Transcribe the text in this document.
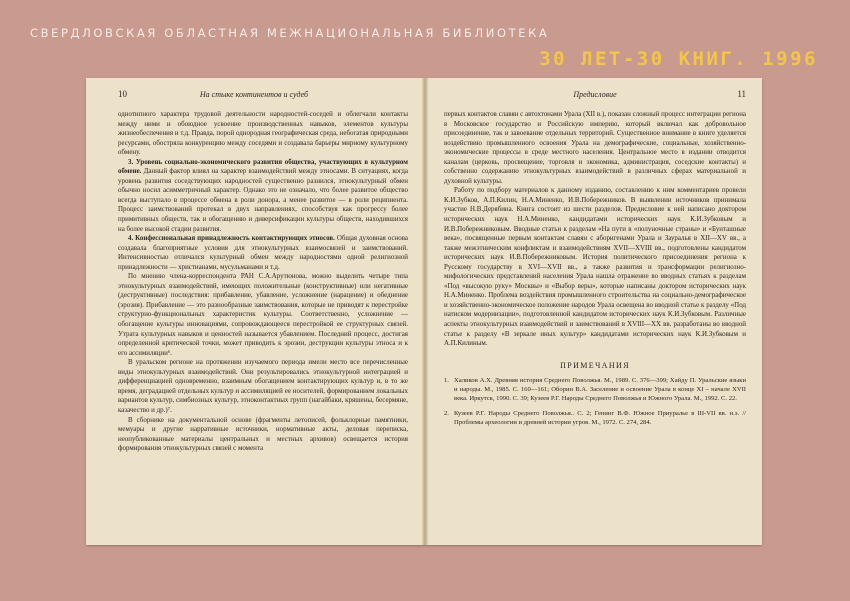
СВЕРДЛОВСКАЯ ОБЛАСТНАЯ МЕЖНАЦИОНАЛЬНАЯ БИБЛИОТЕКА
30 ЛЕТ-30 КНИГ. 1996
На стыке континентов и судеб
10

однотипного характера трудовой деятельности народностей-соседей и облегчали контакты между ними и обоюдное усвоение производственных навыков, элементов культуры жизнеобеспечения и т.д. Правда, порой однородная географическая среда, небогатая природными ресурсами, обостряла конкуренцию между соседями и создавала барьеры мирному культурному обмену.

3. Уровень социально-экономического развития общества, участвующих в культурном обмене. Данный фактор влиял на характер взаимодействий между этносами. В ситуациях, когда уровень развития соседствующих народностей существенно разнился, этнокультурный обмен обычно носил асимметричный характер. Однако это не означало, что более развитое общество всегда выступало в процессе обмена в роли донора, а менее развитое — в роли реципиента. Процесс заимствований протекал в двух направлениях, способствуя как прогрессу более примитивных обществ, так и обогащению и диверсификации культуры обществ, находившихся на более высокой стадии развития.

4. Конфессиональная принадлежность контактирующих этносов. Общая духовная основа создавала благоприятные условия для этнокультурных взаимосвязей и заимствований. Интенсивностью отличался культурный обмен между народностями одной религиозной принадлежности — христианами, мусульманами и т.д.

По мнению члена-корреспондента РАН С.А.Арутюнова, можно выделить четыре типа этнокультурных взаимодействий, имеющих положительные (конструктивные) или негативные (деструктивные) последствия: прибавление, убавление, усложнение (нарацение) и обеднение (эрозия). Прибавление — это разнообразные заимствования, которые не приводят к перестройке структурно-функциональных характеристик культуры. Соответственно, усложнение — обогащение культуры инновациями, сопровождающееся перестройкой ее структурных связей. Утрата культурных навыков и ценностей называется убавлением. Последний процесс, достигая определенной критической точки, может приводить к эрозии, деструкции культуры этноса и к его ассимиляции⁶.

В уральском регионе на протяжении изучаемого периода имели место все перечисленные виды этнокультурных взаимодействий. Они результировались этнокультурной интеграцией и дифференциацией одновременно, взаимным обогащением контактирующих культур и, в то же время, деградацией отдельных культур и ассимиляцией ее носителей, формированием локальных вариантов культур, симбиозных культур, этноконтактных групп (нагайбаки, кряшены, бесермяне, казачество и др.)⁷.

В сборнике на документальной основе (фрагменты летописей, фольклорные памятники, мемуары и другие нарративные источники, нормативные акты, деловая переписка, неопубликованные материалы центральных и местных архивов) освещается история формирования этнокультурных связей с момента

Предисловие	11

первых контактов славян с автохтонами Урала (XII в.), показан сложный процесс интеграции региона в Московское государство и Российскую империю, который включал как добровольное присоединение, так и завоевание отдельных территорий. Существенное внимание в книге уделяется воздействию промышленного освоения Урала на демографические, социальные, хозяйственно-экономические процессы в среде местного населения. Центральное место в издании отводится каналам (церковь, просвещение, торговля и экономика, администрация, соседские контакты) и собственно содержанию этнокультурных взаимодействий в различных сферах материальной и духовной культуры.

Работу по подбору материалов к данному изданию, составлению к ним комментариев провели К.И.Зубков, А.П.Килин, Н.А.Миненко, И.В.Побережников. В выявлении источников принимала участие Н.В.Дерябина. Книга состоит из шести разделов. Предисловие к ней написано доктором исторических наук Н.А.Миненко, кандидатами исторических наук К.И.Зубковым и И.В.Побережниковым. Вводные статьи к разделам «На пути в «полуночные страны» и «Бунташные века», посвященные первым контактам славян с аборигенами Урала и Зауралья в XII—XV вв., а также межэтническим конфликтам и взаимодействиям XVII—XVIII вв., подготовлены кандидатом исторических наук И.В.Побережниковым. История политического присоединения региона к Русскому государству в XVI—XVII вв., а также развития и трансформации религиозно-мифологических представлений населения Урала нашла отражение во вводных статьях к разделам «Под «высокую руку» Москвы» и «Выбор веры», которые написаны доктором исторических наук Н.А.Миненко. Проблема воздействия промышленного строительства на социально-демографическое и хозяйственно-экономическое положение народов Урала освещена во вводной статье к разделу «Под натиском модернизации», подготовленной кандидатом исторических наук К.И.Зубковым. Различные аспекты этнокультурных взаимодействий и заимствований в XVIII—XX вв. разработаны во вводной статье к разделу «В зеркале иных культур» кандидатами исторических наук К.И.Зубковым и А.П.Килиным.

ПРИМЕЧАНИЯ
1. Халиков А.Х. Древняя история Среднего Поволжья. М., 1989. С. 376—399; Хайду П. Уральские языки и народы. М., 1985. С. 160—161; Оборин В.А. Заселение и освоение Урала в конце XI – начале XVII века. Иркутск, 1990. С. 39; Кузеев Р.Г. Народы Среднего Поволжья и Южного Урала. М., 1992. С. 22.
2. Кузеев Р.Г. Народы Среднего Поволжья.. С. 2; Генинг В.Ф. Южное Приуралье в III-VII вв. н.э. // Проблемы археологии и древней истории угров. М., 1972. С. 274, 284.
